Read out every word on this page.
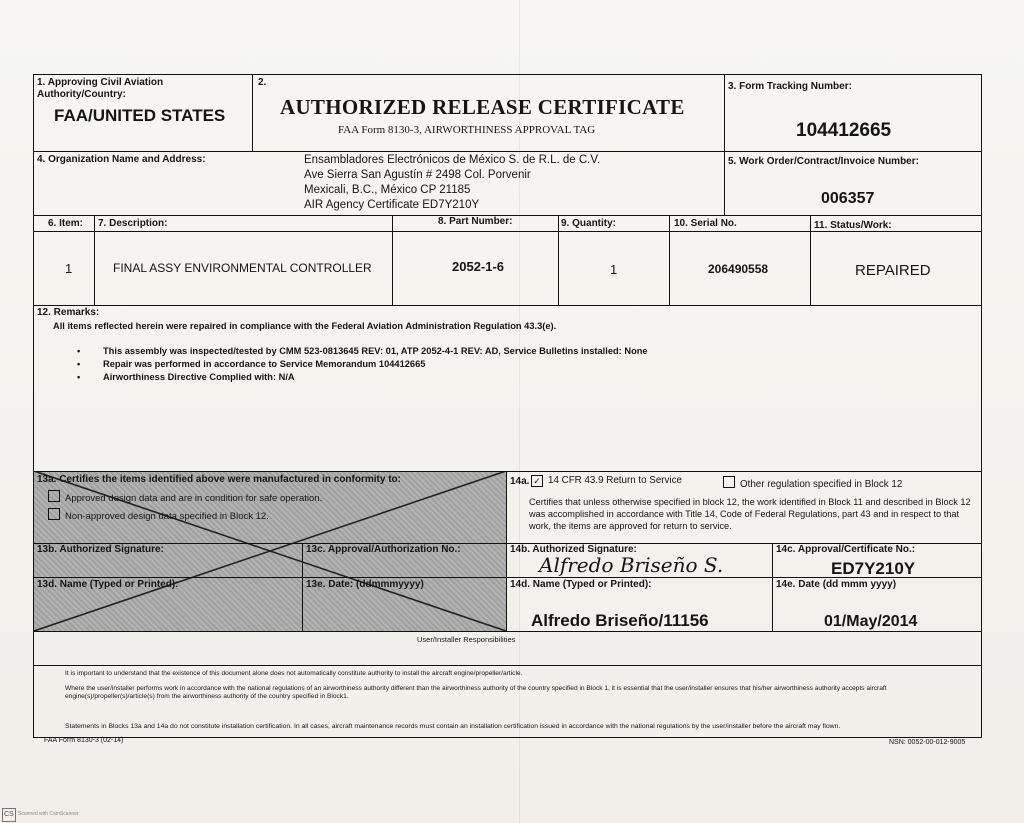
1. Approving Civil Aviation Authority/Country:
FAA/UNITED STATES
2.
AUTHORIZED RELEASE CERTIFICATE
FAA Form 8130-3, AIRWORTHINESS APPROVAL TAG
3. Form Tracking Number:
104412665
4. Organization Name and Address:	Ensambladores Electrónicos de México S. de R.L. de C.V.
Ave Sierra San Agustín # 2498 Col. Porvenir
Mexicali, B.C., México CP 21185
AIR Agency Certificate ED7Y210Y
5. Work Order/Contract/Invoice Number:
006357
6. Item: 7. Description:	8. Part Number:	9. Quantity:	10. Serial No.	11. Status/Work:
1	FINAL ASSY ENVIRONMENTAL CONTROLLER	2052-1-6	1	206490558	REPAIRED
12. Remarks:
All items reflected herein were repaired in compliance with the Federal Aviation Administration Regulation 43.3(e).
• This assembly was inspected/tested by CMM 523-0813645 REV: 01, ATP 2052-4-1 REV: AD, Service Bulletins installed: None
• Repair was performed in accordance to Service Memorandum 104412665
• Airworthiness Directive Complied with: N/A
13a. Certifies the items identified above were manufactured in conformity to:
Approved design data and are in condition for safe operation.
Non-approved design data specified in Block 12.
13b. Authorized Signature:	13c. Approval/Authorization No.:
13d. Name (Typed or Printed):	13e. Date: (ddmmmyyyy)
14a. ✓ 14 CFR 43.9 Return to Service	Other regulation specified in Block 12
Certifies that unless otherwise specified in block 12, the work identified in Block 11 and described in Block 12 was accomplished in accordance with Title 14, Code of Federal Regulations, part 43 and in respect to that work, the items are approved for return to service.
14b. Authorized Signature:
Alfredo Briseño S.
14c. Approval/Certificate No.:
ED7Y210Y
14d. Name (Typed or Printed):
Alfredo Briseño/11156
14e. Date (dd mmm yyyy)
01/May/2014
User/Installer Responsibilities
It is important to understand that the existence of this document alone does not automatically constitute authority to install the aircraft engine/propeller/article.
Where the user/installer performs work in accordance with the national regulations of an airworthiness authority different than the airworthiness authority of the country specified in Block 1, it is essential that the user/installer ensures that his/her airworthiness authority accepts aircraft engine(s)/propeller(s)/article(s) from the airworthiness authority of the country specified in Block1.
Statements in Blocks 13a and 14a do not constitute installation certification. In all cases, aircraft maintenance records must contain an installation certification issued in accordance with the national regulations by the user/installer before the aircraft may flown.
FAA Form 8130-3 (02-14)	NSN: 0052-00-012-9005
CS Scanned with CamScanner
